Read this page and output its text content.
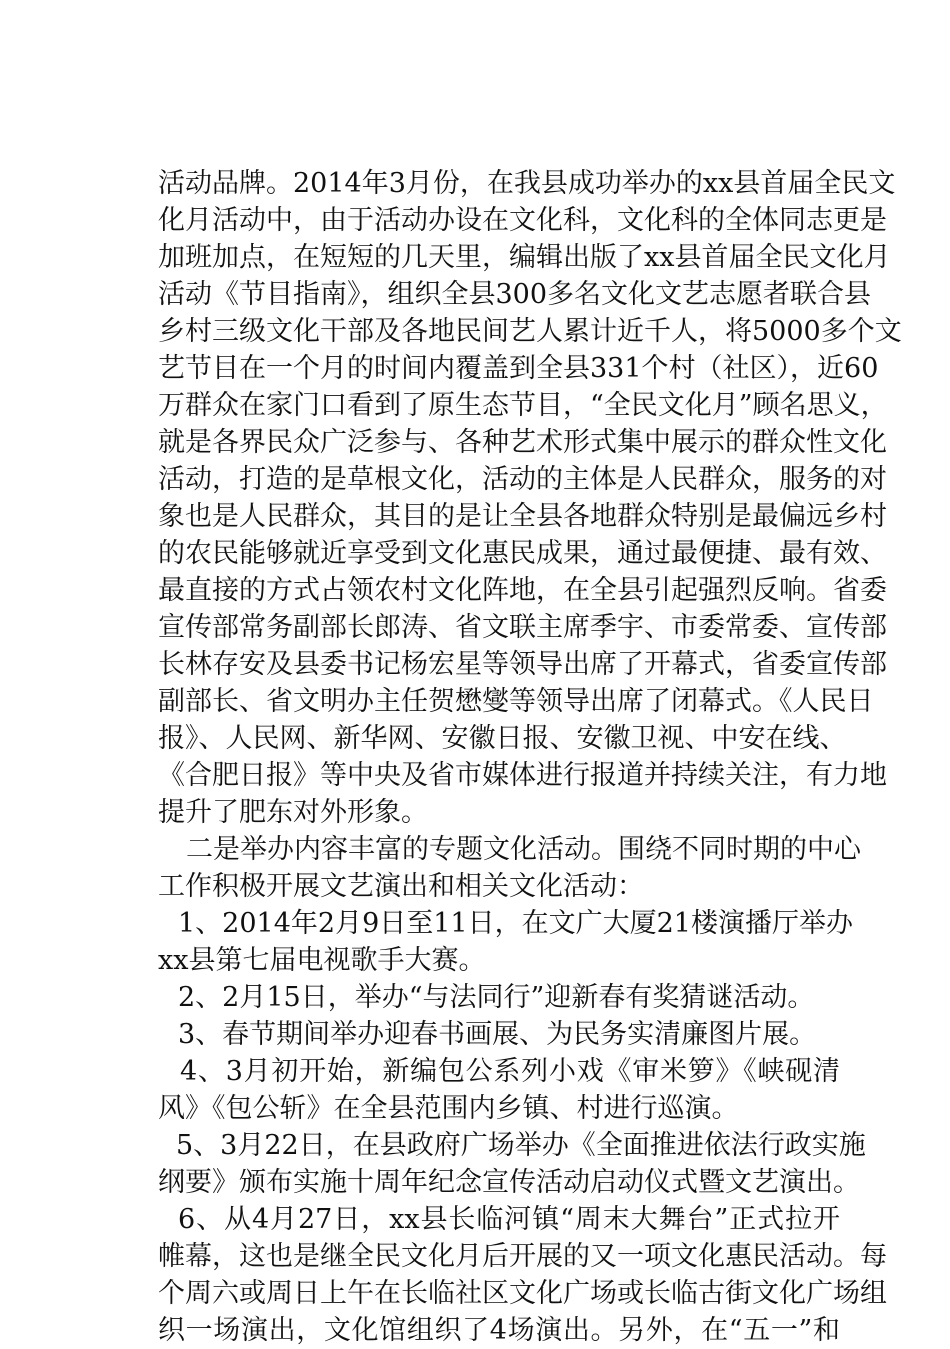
活动品牌。2014年3月份，在我县成功举办的xx县首届全民文
化月活动中，由于活动办设在文化科，文化科的全体同志更是
加班加点，在短短的几天里，编辑出版了xx县首届全民文化月
活动《节目指南》，组织全县300多名文化文艺志愿者联合县
乡村三级文化干部及各地民间艺人累计近千人，将5000多个文
艺节目在一个月的时间内覆盖到全县331个村（社区），近60
万群众在家门口看到了原生态节目，“全民文化月”顾名思义，
就是各界民众广泛参与、各种艺术形式集中展示的群众性文化
活动，打造的是草根文化，活动的主体是人民群众，服务的对
象也是人民群众，其目的是让全县各地群众特别是最偏远乡村
的农民能够就近享受到文化惠民成果，通过最便捷、最有效、
最直接的方式占领农村文化阵地，在全县引起强烈反响。省委
宣传部常务副部长郎涛、省文联主席季宇、市委常委、宣传部
长林存安及县委书记杨宏星等领导出席了开幕式，省委宣传部
副部长、省文明办主任贺懋燮等领导出席了闭幕式。《人民日
报》、人民网、新华网、安徽日报、安徽卫视、中安在线、
《合肥日报》等中央及省市媒体进行报道并持续关注，有力地
提升了肥东对外形象。
二是举办内容丰富的专题文化活动。围绕不同时期的中心
工作积极开展文艺演出和相关文化活动：
1、2014年2月9日至11日，在文广大厦21楼演播厅举办
xx县第七届电视歌手大赛。
2、2月15日，举办“与法同行”迎新春有奖猜谜活动。
3、春节期间举办迎春书画展、为民务实清廉图片展。
4、3月初开始，新编包公系列小戏《审米箩》《峡砚清
风》《包公斩》在全县范围内乡镇、村进行巡演。
5、3月22日，在县政府广场举办《全面推进依法行政实施
纲要》颁布实施十周年纪念宣传活动启动仪式暨文艺演出。
6、从4月27日，xx县长临河镇“周末大舞台”正式拉开
帷幕，这也是继全民文化月后开展的又一项文化惠民活动。每
个周六或周日上午在长临社区文化广场或长临古街文化广场组
织一场演出，文化馆组织了4场演出。另外，在“五一”和
